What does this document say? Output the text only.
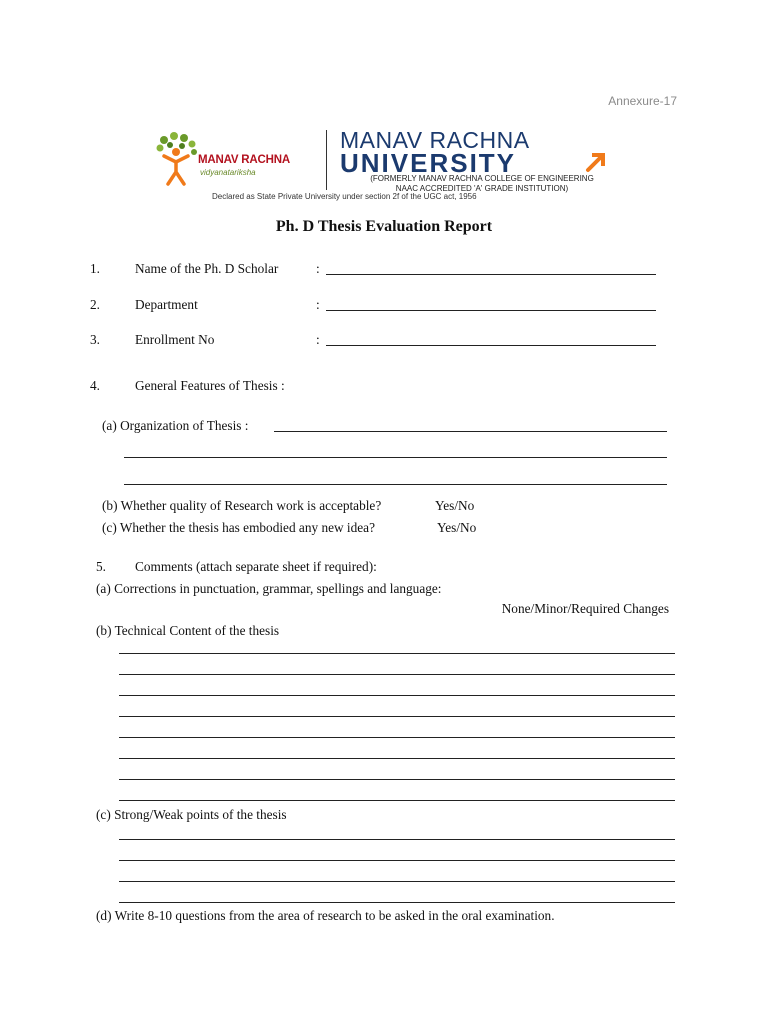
Annexure-17
MANAV RACHNA
vidyanatariksha
MANAV RACHNA
UNIVERSITY
(FORMERLY MANAV RACHNA COLLEGE OF ENGINEERING
NAAC ACCREDITED 'A' GRADE INSTITUTION)
Declared as State Private University under section 2f of the UGC act, 1956
Ph. D Thesis Evaluation Report
1.	Name of the Ph. D Scholar	:
2.	Department	:
3.	Enrollment No	:
4.	General Features of Thesis :
(a) Organization of Thesis :
(b) Whether quality of Research work is acceptable?	Yes/No
(c) Whether the thesis has embodied any new idea?	Yes/No
5. Comments (attach separate sheet if required):
(a) Corrections in punctuation, grammar, spellings and language:
None/Minor/Required Changes
(b) Technical Content of the thesis
(c) Strong/Weak points of the thesis
(d) Write 8-10 questions from the area of research to be asked in the oral examination.
